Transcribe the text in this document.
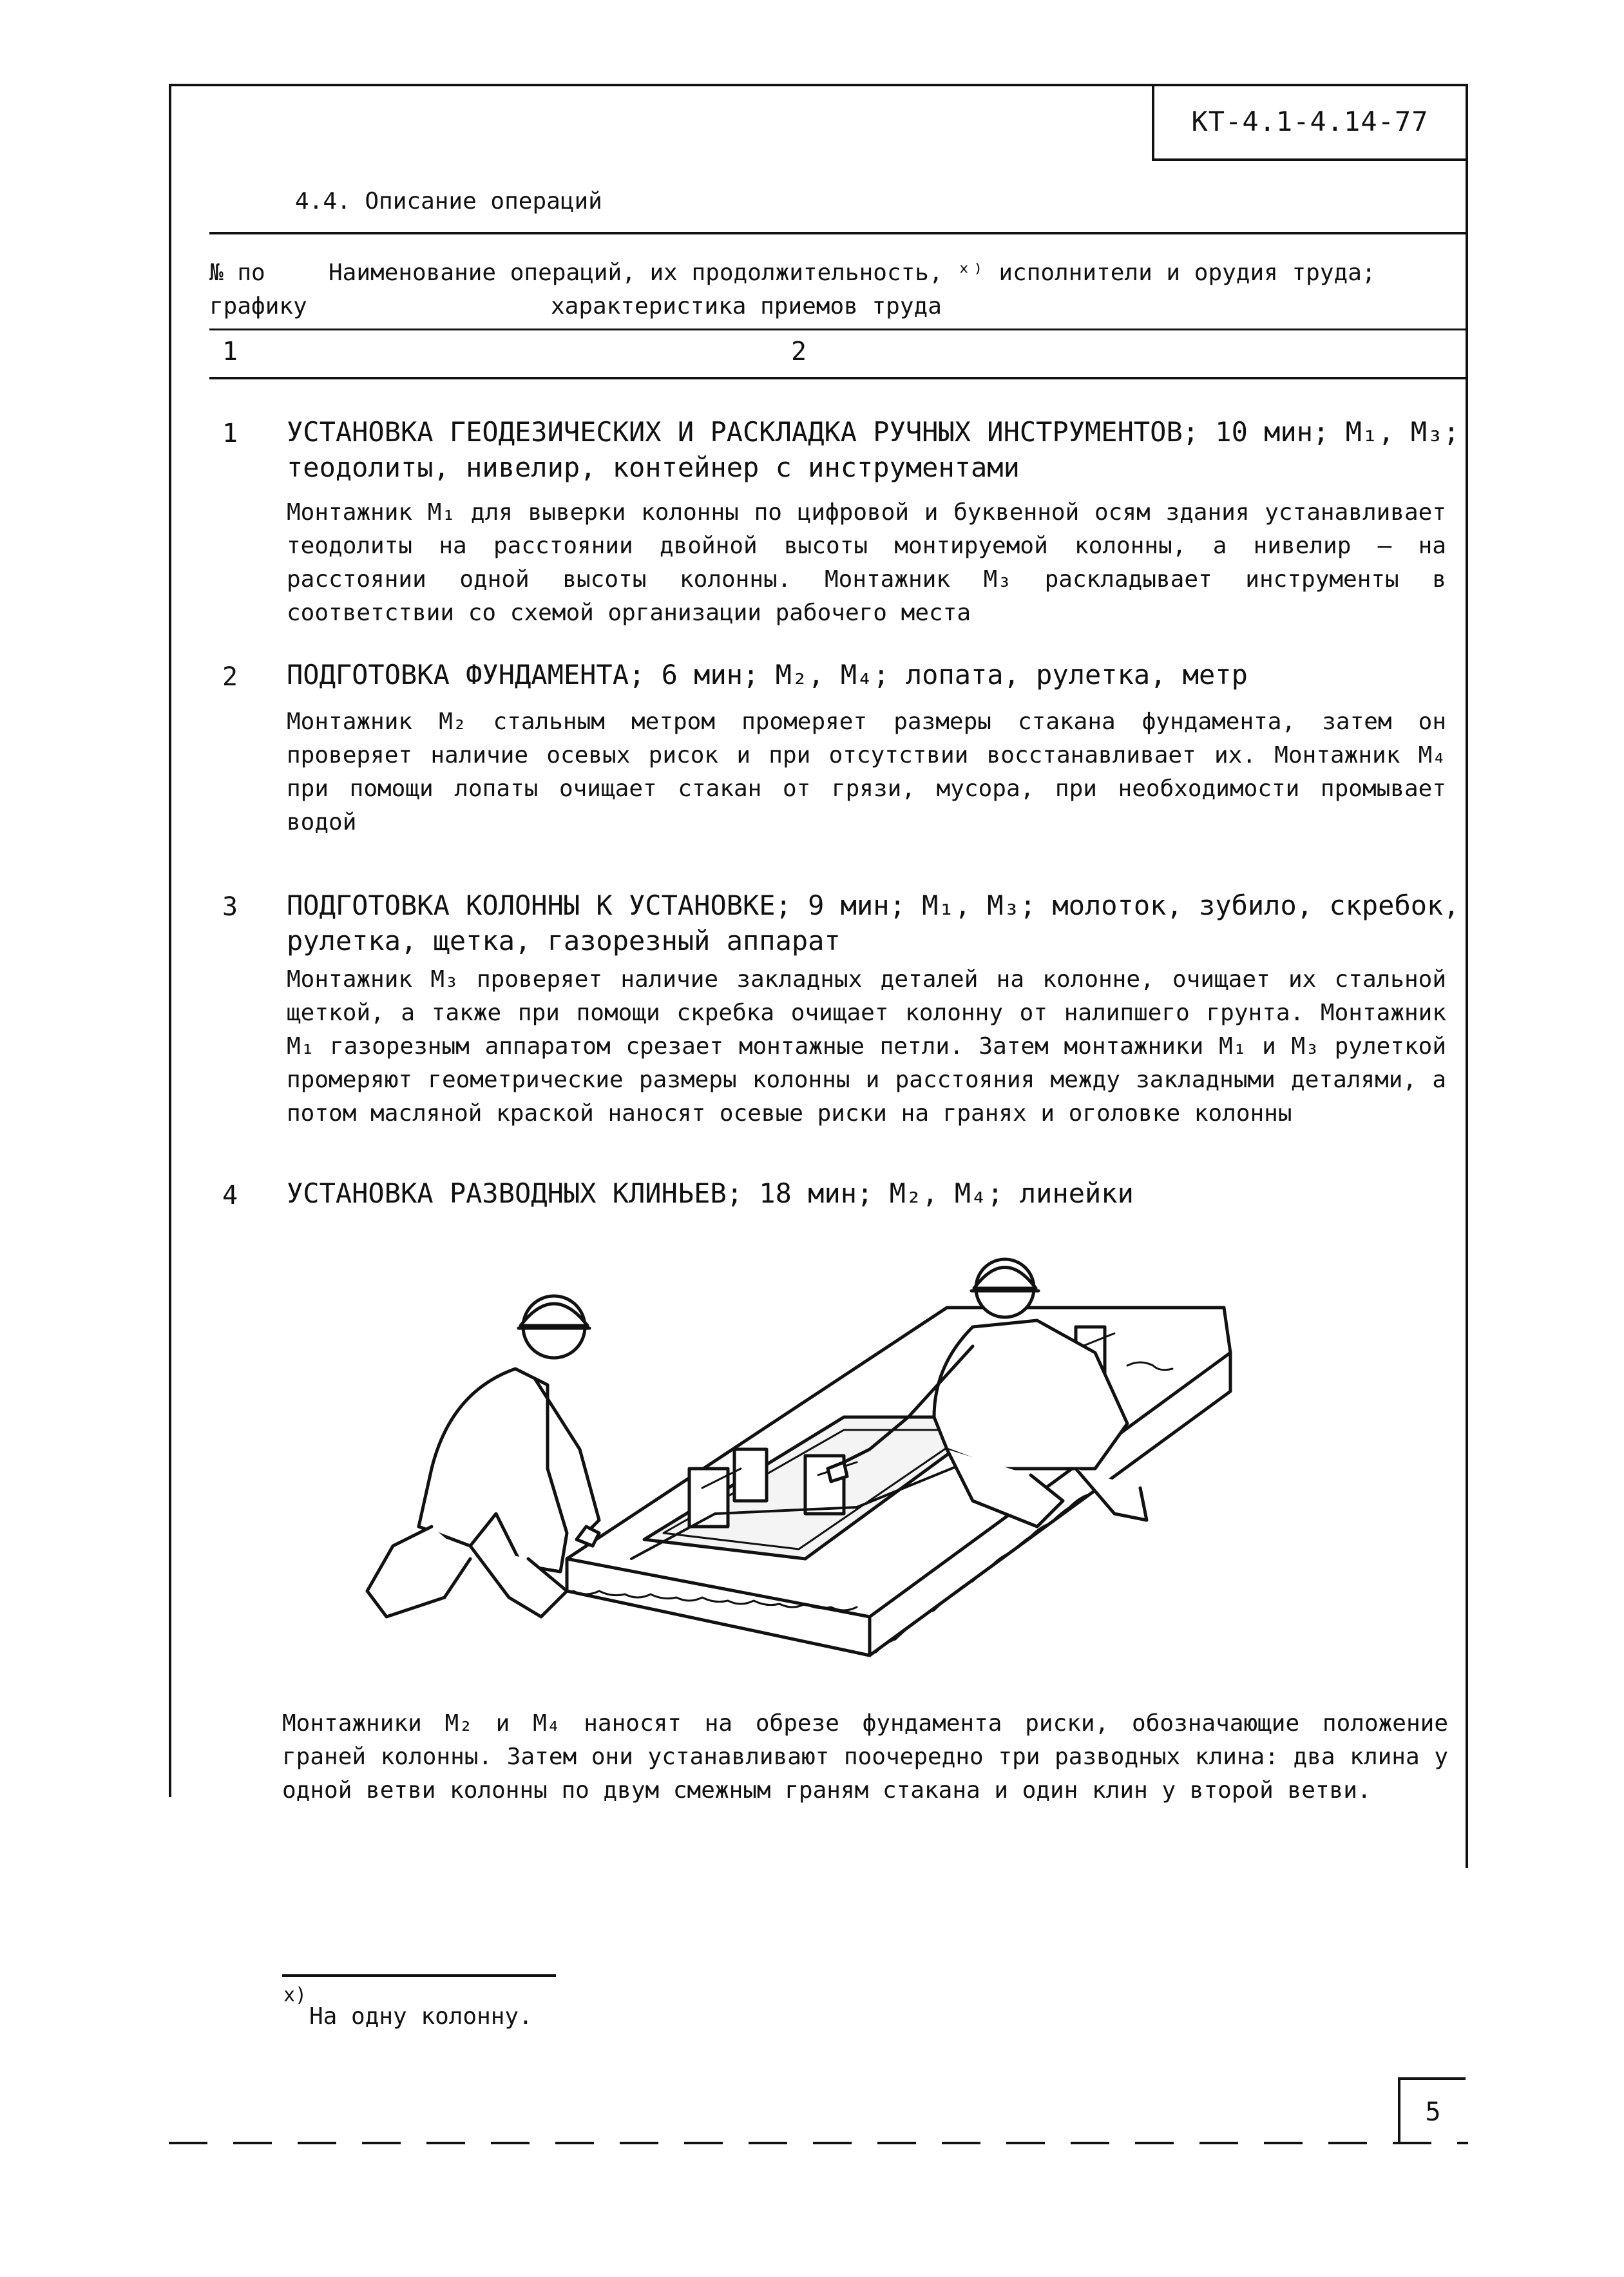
КТ-4.1-4.14-77
4.4. Описание операций
№ по
графику
Наименование операций, их продолжительность, ˣ⁾ исполнители и орудия труда;
характеристика приемов труда
1	2
1 УСТАНОВКА ГЕОДЕЗИЧЕСКИХ И РАСКЛАДКА РУЧНЫХ ИНСТРУМЕНТОВ; 10 мин; М₁, М₃; теодолиты, нивелир, контейнер с инструментами
Монтажник М₁ для выверки колонны по цифровой и буквенной осям здания устанавливает теодолиты на расстоянии двойной высоты монтируемой колонны, а нивелир – на расстоянии одной высоты колонны. Монтажник М₃ раскладывает инструменты в соответствии со схемой организации рабочего места
2 ПОДГОТОВКА ФУНДАМЕНТА; 6 мин; М₂, М₄; лопата, рулетка, метр
Монтажник М₂ стальным метром промеряет размеры стакана фундамента, затем он проверяет наличие осевых рисок и при отсутствии восстанавливает их. Монтажник М₄ при помощи лопаты очищает стакан от грязи, мусора, при необходимости промывает водой
3 ПОДГОТОВКА КОЛОННЫ К УСТАНОВКЕ; 9 мин; М₁, М₃; молоток, зубило, скребок, рулетка, щетка, газорезный аппарат
Монтажник М₃ проверяет наличие закладных деталей на колонне, очищает их стальной щеткой, а также при помощи скребка очищает колонну от налипшего грунта. Монтажник М₁ газорезным аппаратом срезает монтажные петли. Затем монтажники М₁ и М₃ рулеткой промеряют геометрические размеры колонны и расстояния между закладными деталями, а потом масляной краской наносят осевые риски на гранях и оголовке колонны
4 УСТАНОВКА РАЗВОДНЫХ КЛИНЬЕВ; 18 мин; М₂, М₄; линейки
Монтажники М₂ и М₄ наносят на обрезе фундамента риски, обозначающие положение граней колонны. Затем они устанавливают поочередно три разводных клина: два клина у одной ветви колонны по двум смежным граням стакана и один клин у второй ветви.
х)
На одну колонну.
5
